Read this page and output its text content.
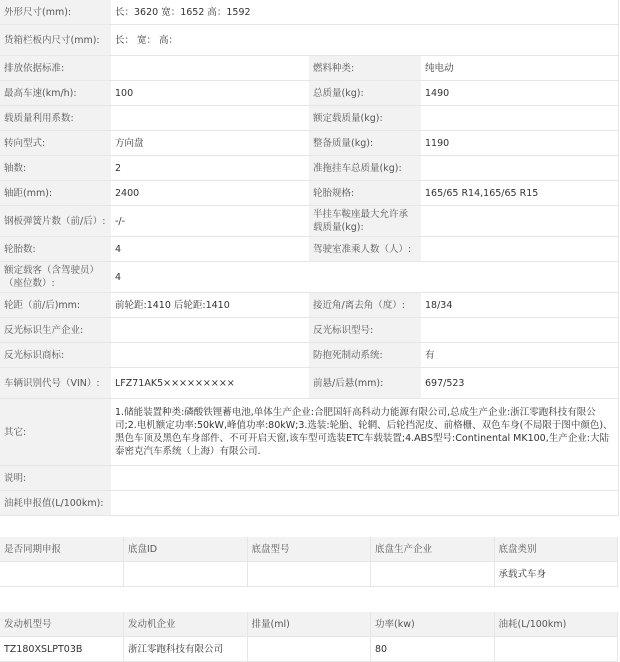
外形尺寸(mm):	长：3620 宽：1652 高：1592		
货箱栏板内尺寸(mm):	长： 宽： 高：		
排放依据标准:		燃料种类:	纯电动
最高车速(km/h):	100	总质量(kg):	1490
载质量利用系数:		额定载质量(kg):	
转向型式:	方向盘	整备质量(kg):	1190
轴数:	2	准拖挂车总质量(kg):	
轴距(mm):	2400	轮胎规格:	165/65 R14,165/65 R15
钢板弹簧片数（前/后）:	-/-	半挂车鞍座最大允许承载质量(kg):	
轮胎数:	4	驾驶室准乘人数（人）:	
额定载客（含驾驶员）（座位数）:	4		
轮距（前/后)mm:	前轮距:1410 后轮距:1410	接近角/离去角（度）:	18/34
反光标识生产企业:		反光标识型号:	
反光标识商标:		防抱死制动系统:	有
车辆识别代号（VIN）:	LFZ71AK5×××××××××	前悬/后悬(mm):	697/523
其它:	1.储能装置种类:磷酸铁锂蓄电池,单体生产企业:合肥国轩高科动力能源有限公司,总成生产企业:浙江零跑科技有限公司;2.电机额定功率:50kW,峰值功率:80kW;3.选装:轮胎、轮辋、后轮挡泥皮、前格栅、双色车身(不局限于图中颜色)、黑色车顶及黑色车身部件、不可开启天窗,该车型可选装ETC车载装置;4.ABS型号:Continental MK100,生产企业:大陆泰密克汽车系统（上海）有限公司.		
说明:			
油耗申报值(L/100km):			
是否同期申报	底盘ID	底盘型号	底盘生产企业	底盘类别
				承载式车身
发动机型号	发动机企业	排量(ml)	功率(kw)	油耗(L/100km)
TZ180XSLPT03B	浙江零跑科技有限公司		80	
